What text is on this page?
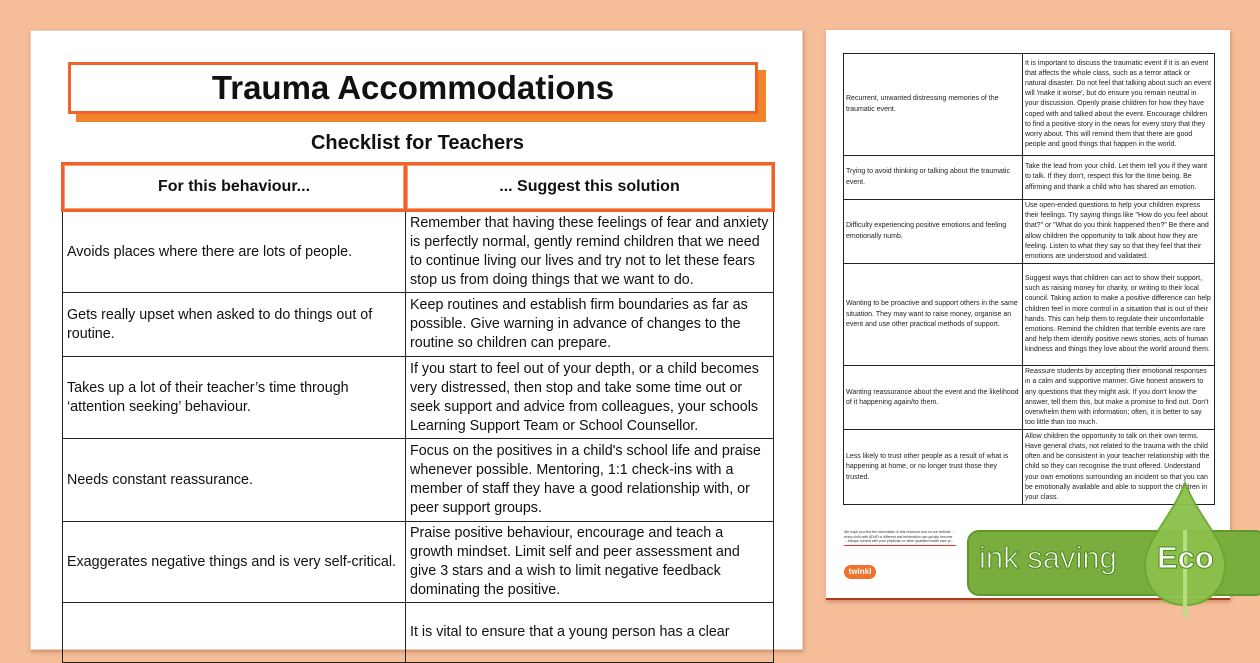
Trauma Accommodations
Checklist for Teachers
For this behaviour...	... Suggest this solution
Avoids places where there are lots of people.	Remember that having these feelings of fear and anxiety is perfectly normal, gently remind children that we need to continue living our lives and try not to let these fears stop us from doing things that we want to do.
Gets really upset when asked to do things out of routine.	Keep routines and establish firm boundaries as far as possible. Give warning in advance of changes to the routine so children can prepare.
Takes up a lot of their teacher’s time through ‘attention seeking’ behaviour.	If you start to feel out of your depth, or a child becomes very distressed, then stop and take some time out or seek support and advice from colleagues, your schools Learning Support Team or School Counsellor.
Needs constant reassurance.	Focus on the positives in a child's school life and praise whenever possible. Mentoring, 1:1 check-ins with a member of staff they have a good relationship with, or peer support groups.
Exaggerates negative things and is very self-critical.	Praise positive behaviour, encourage and teach a growth mindset. Limit self and peer assessment and give 3 stars and a wish to limit negative feedback dominating the positive.
	It is vital to ensure that a young person has a clear
Recurrent, unwanted distressing memories of the traumatic event.	It is important to discuss the traumatic event if it is an event that affects the whole class, such as a terror attack or natural disaster. Do not feel that talking about such an event will 'make it worse', but do ensure you remain neutral in your discussion. Openly praise children for how they have coped with and talked about the event. Encourage children to find a positive story in the news for every story that they worry about. This will remind them that there are good people and good things that happen in the world.
Trying to avoid thinking or talking about the traumatic event.	Take the lead from your child. Let them tell you if they want to talk. If they don't, respect this for the time being. Be affirming and thank a child who has shared an emotion.
Difficulty experiencing positive emotions and feeling emotionally numb.	Use open-ended questions to help your children express their feelings. Try saying things like "How do you feel about that?" or "What do you think happened then?" Be there and allow children the opportunity to talk about how they are feeling. Listen to what they say so that they feel that their emotions are understood and validated.
Wanting to be proactive and support others in the same situation. They may want to raise money, organise an event and use other practical methods of support.	Suggest ways that children can act to show their support, such as raising money for charity, or writing to their local council. Taking action to make a positive difference can help children feel in more control in a situation that is out of their hands. This can help them to regulate their uncomfortable emotions. Remind the children that terrible events are rare and help them identify positive news stories, acts of human kindness and things they love about the world around them.
Wanting reassurance about the event and the likelihood of it happening again/to them.	Reassure students by accepting their emotional responses in a calm and supportive manner. Give honest answers to any questions that they might ask. If you don't know the answer, tell them this, but make a promise to find out. Don't overwhelm them with information; often, it is better to say too little than too much.
Less likely to trust other people as a result of what is happening at home, or no longer trust those they trusted.	Allow children the opportunity to talk on their own terms. Have general chats, not related to the trauma with the child often and be consistent in your teacher relationship with the child so they can recognise the trust offered. Understand your own emotions surrounding an incident so that you can be emotionally available and able to support the children in your class.
We hope you find the information in this resource and on our website ... every child with ADHD is different and information can quickly become ... Always consult with your physician or other qualified health care pr...
twinkl	ink saving Eco
